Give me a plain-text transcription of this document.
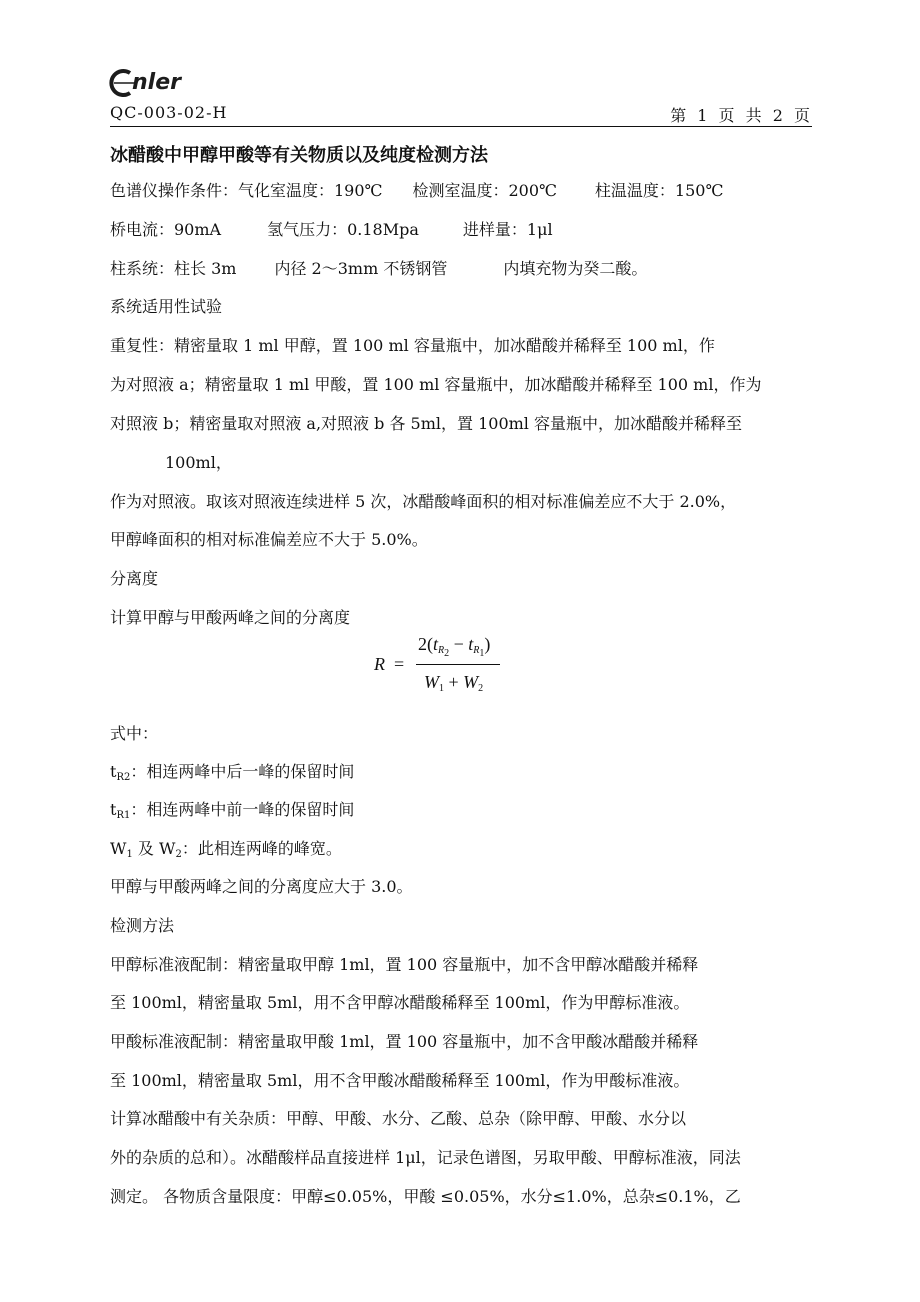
nler
QC-003-02-H	第 1 页 共 2 页
冰醋酸中甲醇甲酸等有关物质以及纯度检测方法
色谱仪操作条件：气化室温度：190℃ 检测室温度：200℃ 柱温温度：150℃
桥电流：90mA	氢气压力：0.18Mpa	进样量：1μl
柱系统：柱长 3m 内径 2～3mm 不锈钢管	内填充物为癸二酸。
系统适用性试验
重复性：精密量取 1 ml 甲醇，置 100 ml 容量瓶中，加冰醋酸并稀释至 100 ml，作
为对照液 a；精密量取 1 ml 甲酸，置 100 ml 容量瓶中，加冰醋酸并稀释至 100 ml，作为
对照液 b；精密量取对照液 a,对照液 b 各 5ml，置 100ml 容量瓶中，加冰醋酸并稀释至
100ml，
作为对照液。取该对照液连续进样 5 次，冰醋酸峰面积的相对标准偏差应不大于 2.0%，
甲醇峰面积的相对标准偏差应不大于 5.0%。
分离度
计算甲醇与甲酸两峰之间的分离度
R =
$2(t_{R_2} - t_{R_1})$
$W_1 + W_2$
式中：
$t_{R2}$：相连两峰中后一峰的保留时间
$t_{R1}$：相连两峰中前一峰的保留时间
$W_1$ 及 $W_2$：此相连两峰的峰宽。
甲醇与甲酸两峰之间的分离度应大于 3.0。
检测方法
甲醇标准液配制：精密量取甲醇 1ml，置 100 容量瓶中，加不含甲醇冰醋酸并稀释
至 100ml，精密量取 5ml，用不含甲醇冰醋酸稀释至 100ml，作为甲醇标准液。
甲酸标准液配制：精密量取甲酸 1ml，置 100 容量瓶中，加不含甲酸冰醋酸并稀释
至 100ml，精密量取 5ml，用不含甲酸冰醋酸稀释至 100ml，作为甲酸标准液。
计算冰醋酸中有关杂质：甲醇、甲酸、水分、乙酸、总杂（除甲醇、甲酸、水分以
外的杂质的总和）。冰醋酸样品直接进样 1μl，记录色谱图，另取甲酸、甲醇标准液，同法
测定。 各物质含量限度：甲醇≤0.05%，甲酸 ≤0.05%，水分≤1.0%，总杂≤0.1%，乙
